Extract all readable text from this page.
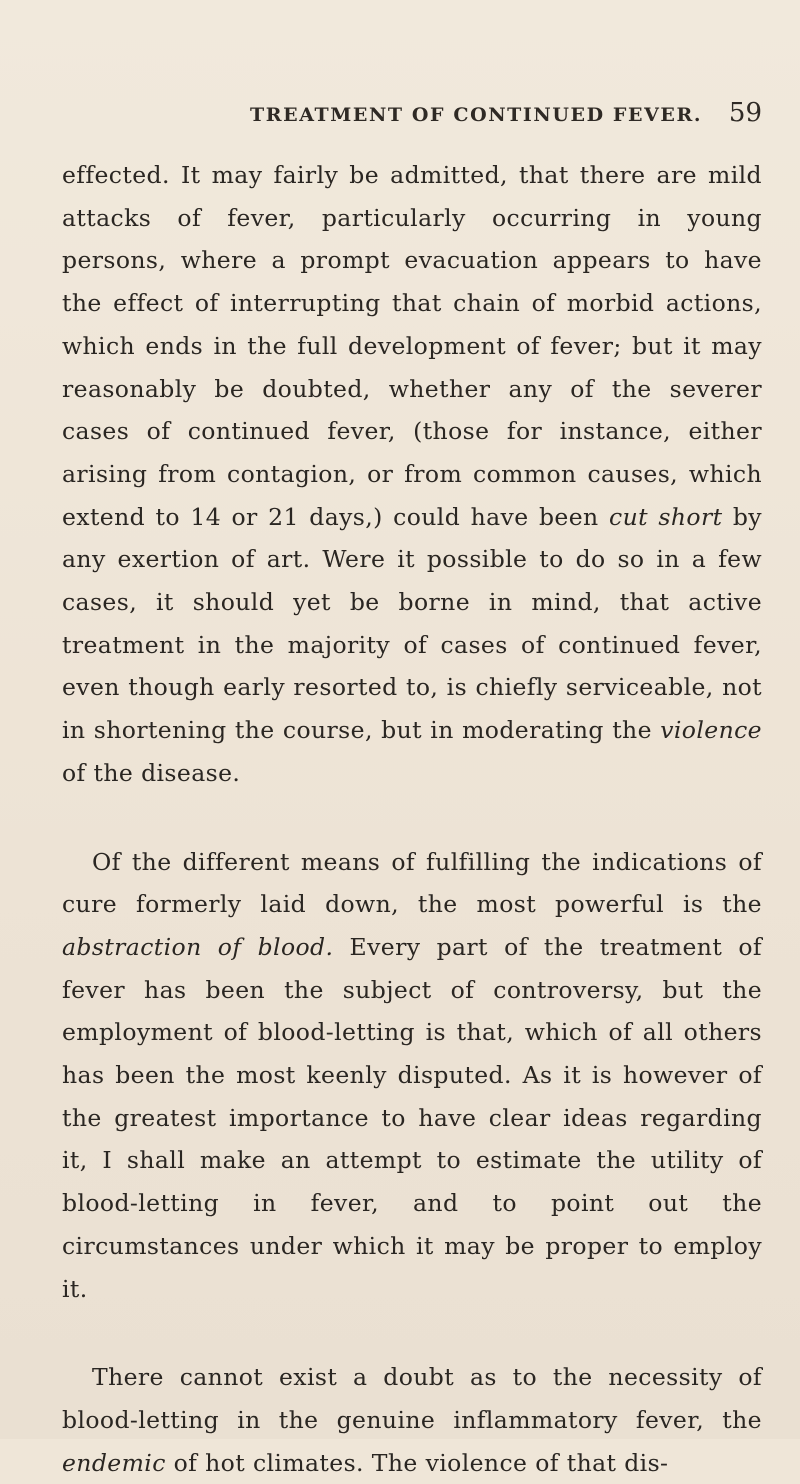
TREATMENT OF CONTINUED FEVER. 59

effected. It may fairly be admitted, that there are mild attacks of fever, particularly occurring in young persons, where a prompt evacuation appears to have the effect of interrupting that chain of morbid actions, which ends in the full development of fever; but it may reasonably be doubted, whether any of the severer cases of continued fever, (those for instance, either arising from contagion, or from common causes, which extend to 14 or 21 days,) could have been cut short by any exertion of art. Were it possible to do so in a few cases, it should yet be borne in mind, that active treatment in the majority of cases of continued fever, even though early resorted to, is chiefly serviceable, not in shortening the course, but in moderating the violence of the disease.

Of the different means of fulfilling the indications of cure formerly laid down, the most powerful is the abstraction of blood. Every part of the treatment of fever has been the subject of controversy, but the employment of blood-letting is that, which of all others has been the most keenly disputed. As it is however of the greatest importance to have clear ideas regarding it, I shall make an attempt to estimate the utility of blood-letting in fever, and to point out the circumstances under which it may be proper to employ it.

There cannot exist a doubt as to the necessity of blood-letting in the genuine inflammatory fever, the endemic of hot climates. The violence of that dis-
